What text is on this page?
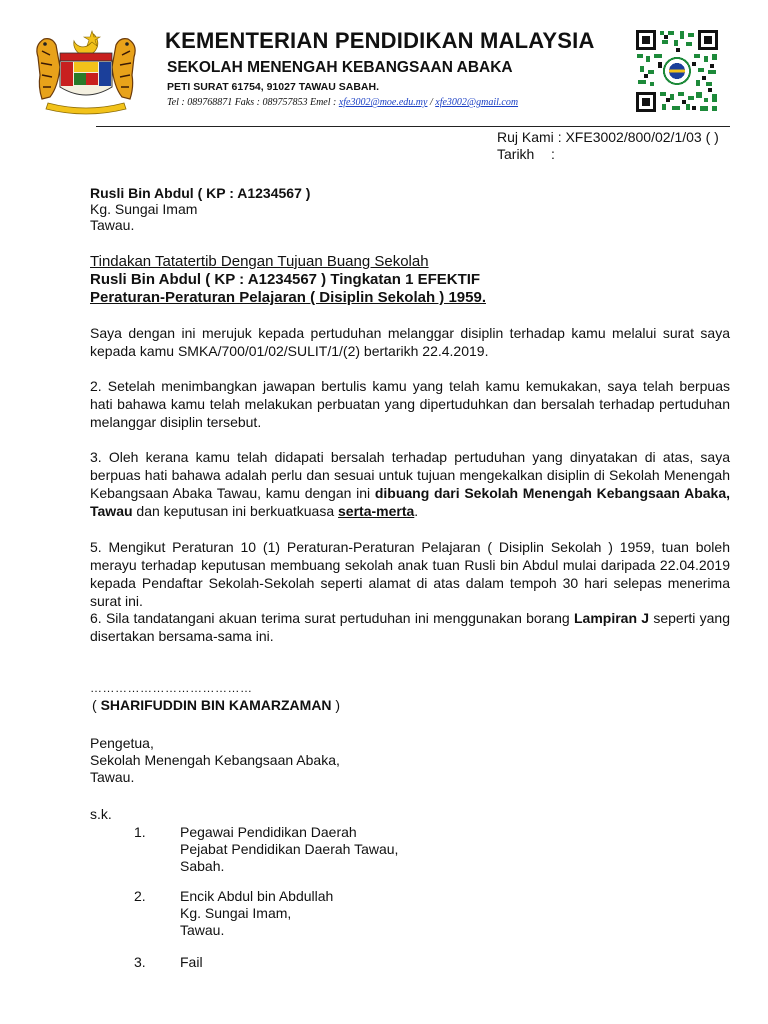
KEMENTERIAN PENDIDIKAN MALAYSIA
SEKOLAH MENENGAH KEBANGSAAN ABAKA
PETI SURAT 61754, 91027 TAWAU SABAH.
Tel : 089768871 Faks : 089757853 Emel : xfe3002@moe.edu.my / xfe3002@gmail.com
Ruj Kami : XFE3002/800/02/1/03 ( )
Tarikh :
Rusli Bin Abdul ( KP : A1234567 )
Kg. Sungai Imam
Tawau.
Tindakan Tatatertib Dengan Tujuan Buang Sekolah
Rusli Bin Abdul ( KP : A1234567 ) Tingkatan 1 EFEKTIF
Peraturan-Peraturan Pelajaran ( Disiplin Sekolah ) 1959.
Saya dengan ini merujuk kepada pertuduhan melanggar disiplin terhadap kamu melalui surat saya kepada kamu SMKA/700/01/02/SULIT/1/(2) bertarikh 22.4.2019.
2. Setelah menimbangkan jawapan bertulis kamu yang telah kamu kemukakan, saya telah berpuas hati bahawa kamu telah melakukan perbuatan yang dipertuduhkan dan bersalah terhadap pertuduhan melanggar disiplin tersebut.
3. Oleh kerana kamu telah didapati bersalah terhadap pertuduhan yang dinyatakan di atas, saya berpuas hati bahawa adalah perlu dan sesuai untuk tujuan mengekalkan disiplin di Sekolah Menengah Kebangsaan Abaka Tawau, kamu dengan ini dibuang dari Sekolah Menengah Kebangsaan Abaka, Tawau dan keputusan ini berkuatkuasa serta-merta.
5. Mengikut Peraturan 10 (1) Peraturan-Peraturan Pelajaran ( Disiplin Sekolah ) 1959, tuan boleh merayu terhadap keputusan membuang sekolah anak tuan Rusli bin Abdul mulai daripada 22.04.2019 kepada Pendaftar Sekolah-Sekolah seperti alamat di atas dalam tempoh 30 hari selepas menerima surat ini.
6. Sila tandatangani akuan terima surat pertuduhan ini menggunakan borang Lampiran J seperti yang disertakan bersama-sama ini.
…………………………………
( SHARIFUDDIN BIN KAMARZAMAN )
Pengetua,
Sekolah Menengah Kebangsaan Abaka,
Tawau.
s.k.
1.	Pegawai Pendidikan Daerah
Pejabat Pendidikan Daerah Tawau,
Sabah.
2.	Encik Abdul bin Abdullah
Kg. Sungai Imam,
Tawau.
3.	Fail
